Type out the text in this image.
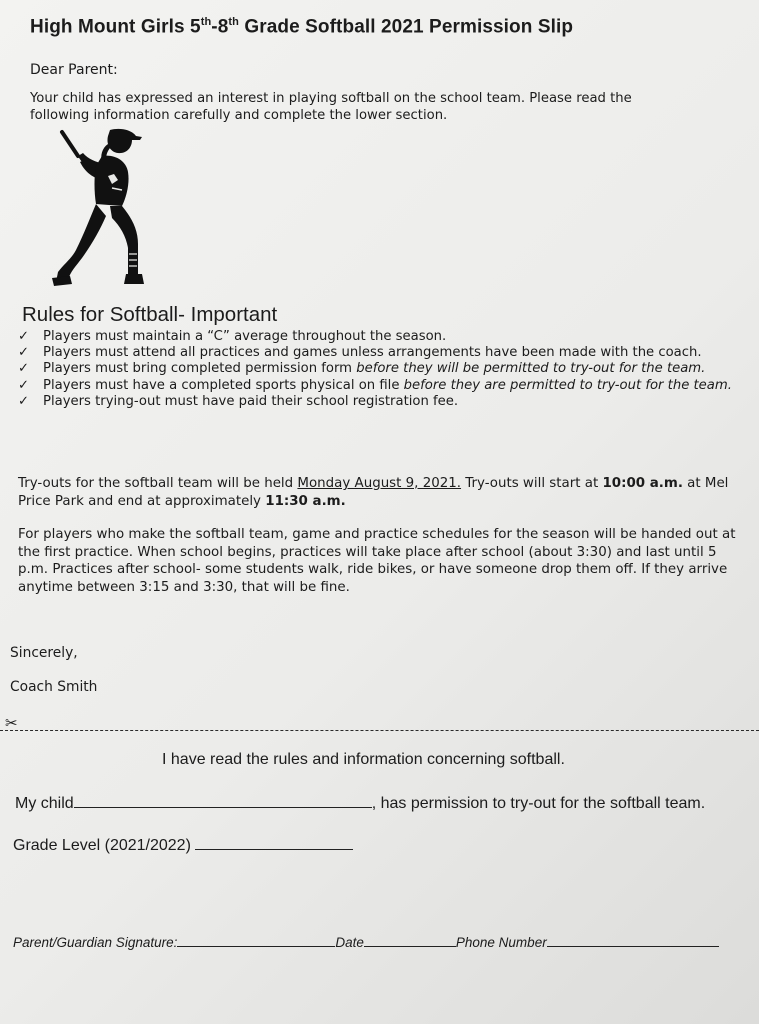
High Mount Girls 5th-8th Grade Softball 2021 Permission Slip
Dear Parent:
Your child has expressed an interest in playing softball on the school team. Please read the following information carefully and complete the lower section.
Rules for Softball- Important
✓ Players must maintain a “C” average throughout the season.
✓ Players must attend all practices and games unless arrangements have been made with the coach.
✓ Players must bring completed permission form before they will be permitted to try-out for the team.
✓ Players must have a completed sports physical on file before they are permitted to try-out for the team.
✓ Players trying-out must have paid their school registration fee.
Try-outs for the softball team will be held Monday August 9, 2021. Try-outs will start at 10:00 a.m. at Mel Price Park and end at approximately 11:30 a.m.
For players who make the softball team, game and practice schedules for the season will be handed out at the first practice. When school begins, practices will take place after school (about 3:30) and last until 5 p.m. Practices after school- some students walk, ride bikes, or have someone drop them off. If they arrive anytime between 3:15 and 3:30, that will be fine.
Sincerely,
Coach Smith
✂
I have read the rules and information concerning softball.
My child	, has permission to try-out for the softball team.
Grade Level (2021/2022)
Parent/Guardian Signature:	Date	Phone Number
